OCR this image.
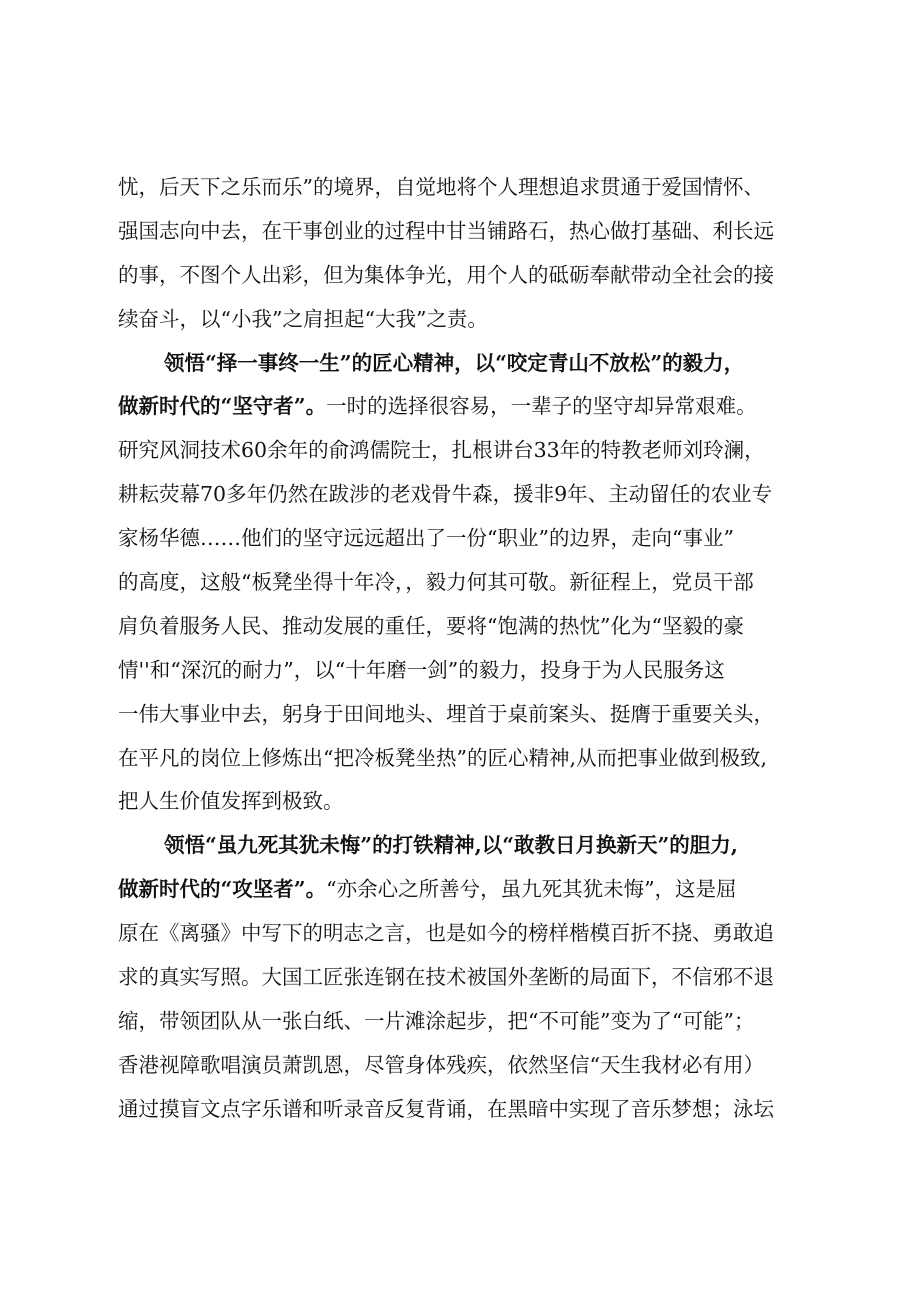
忧，后天下之乐而乐”的境界，自觉地将个人理想追求贯通于爱国情怀、
强国志向中去，在干事创业的过程中甘当铺路石，热心做打基础、利长远
的事，不图个人出彩，但为集体争光，用个人的砥砺奉献带动全社会的接
续奋斗，以“小我”之肩担起“大我”之责。
领悟“择一事终一生”的匠心精神，以“咬定青山不放松”的毅力，
做新时代的“坚守者”。一时的选择很容易，一辈子的坚守却异常艰难。
研究风洞技术60余年的俞鸿儒院士，扎根讲台33年的特教老师刘玲澜，
耕耘荧幕70多年仍然在跋涉的老戏骨牛森，援非9年、主动留任的农业专
家杨华德……他们的坚守远远超出了一份“职业”的边界，走向“事业”
的高度，这般“板凳坐得十年冷，，毅力何其可敬。新征程上，党员干部
肩负着服务人民、推动发展的重任，要将“饱满的热忱”化为“坚毅的豪
情''和“深沉的耐力”，以“十年磨一剑”的毅力，投身于为人民服务这
一伟大事业中去，躬身于田间地头、埋首于桌前案头、挺膺于重要关头，
在平凡的岗位上修炼出“把冷板凳坐热”的匠心精神,从而把事业做到极致,
把人生价值发挥到极致。
领悟“虽九死其犹未悔”的打铁精神,以“敢教日月换新天”的胆力,
做新时代的“攻坚者”。“亦余心之所善兮，虽九死其犹未悔”，这是屈
原在《离骚》中写下的明志之言，也是如今的榜样楷模百折不挠、勇敢追
求的真实写照。大国工匠张连钢在技术被国外垄断的局面下，不信邪不退
缩，带领团队从一张白纸、一片滩涂起步，把“不可能”变为了“可能”；
香港视障歌唱演员萧凯恩，尽管身体残疾，依然坚信“天生我材必有用）
通过摸盲文点字乐谱和听录音反复背诵，在黑暗中实现了音乐梦想；泳坛
